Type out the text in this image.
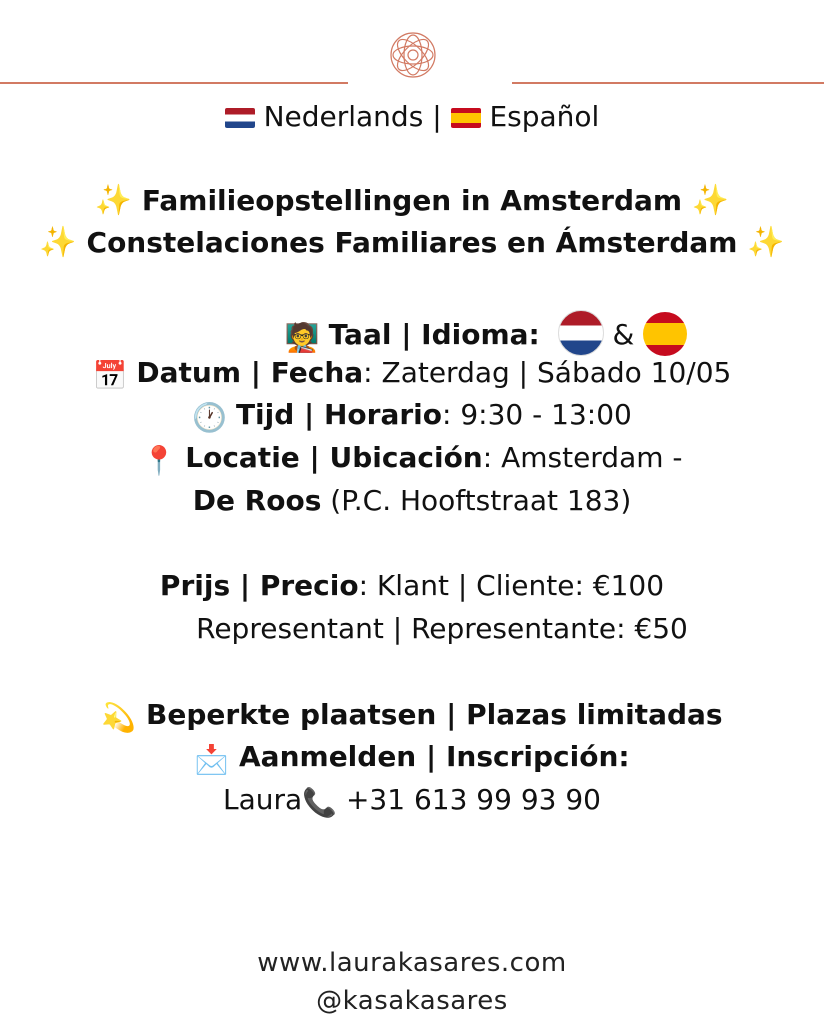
Nederlands | Español
✨ Familieopstellingen in Amsterdam ✨
✨ Constelaciones Familiares en Ámsterdam ✨
🧑‍🏫 Taal | Idioma:	&
📅 Datum | Fecha: Zaterdag | Sábado 10/05
🕐 Tijd | Horario: 9:30 - 13:00
📍 Locatie | Ubicación: Amsterdam -
De Roos (P.C. Hooftstraat 183)
Prijs | Precio: Klant | Cliente: €100
Representant | Representante: €50
💫 Beperkte plaatsen | Plazas limitadas
📩 Aanmelden | Inscripción:
Laura📞 +31 613 99 93 90
www.laurakasares.com
@kasakasares
